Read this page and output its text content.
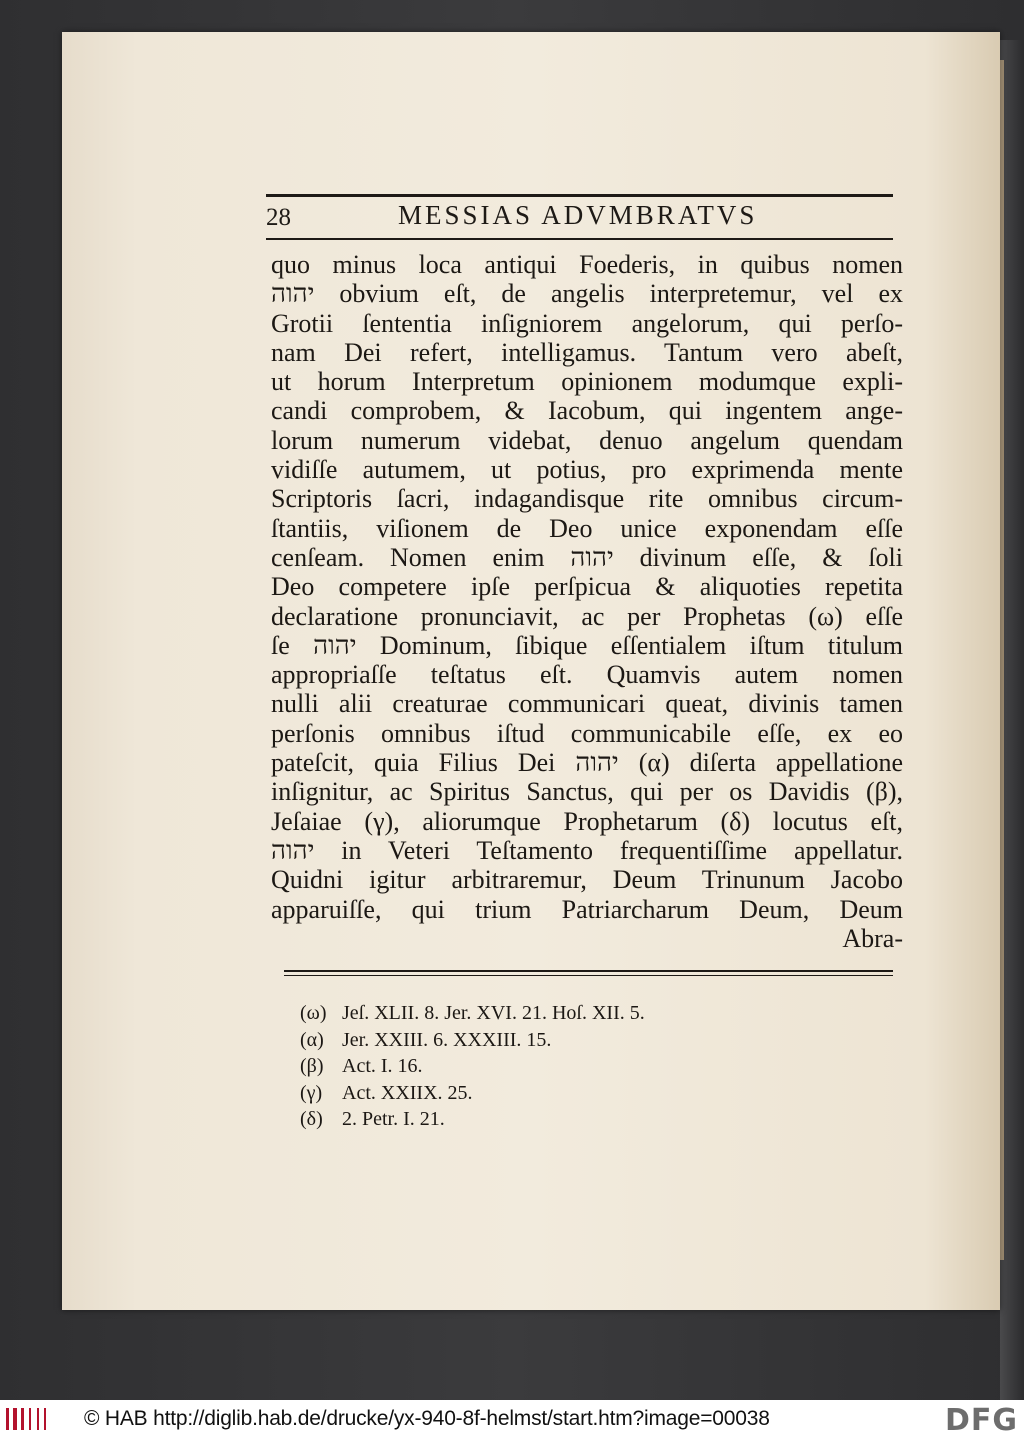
28	MESSIAS ADVMBRATVS
quo minus loca antiqui Foederis, in quibus nomen
יהוה obvium eſt, de angelis interpretemur, vel ex
Grotii ſententia inſigniorem angelorum, qui perſo-
nam Dei refert, intelligamus. Tantum vero abeſt,
ut horum Interpretum opinionem modumque expli-
candi comprobem, & Iacobum, qui ingentem ange-
lorum numerum videbat, denuo angelum quendam
vidiſſe autumem, ut potius, pro exprimenda mente
Scriptoris ſacri, indagandisque rite omnibus circum-
ſtantiis, viſionem de Deo unice exponendam eſſe
cenſeam. Nomen enim יהוה divinum eſſe, & ſoli
Deo competere ipſe perſpicua & aliquoties repetita
declaratione pronunciavit, ac per Prophetas (ω) eſſe
ſe יהוה Dominum, ſibique eſſentialem iſtum titulum
appropriaſſe teſtatus eſt. Quamvis autem nomen
nulli alii creaturae communicari queat, divinis tamen
perſonis omnibus iſtud communicabile eſſe, ex eo
pateſcit, quia Filius Dei יהוה (α) diſerta appellatione
inſignitur, ac Spiritus Sanctus, qui per os Davidis (β),
Jeſaiae (γ), aliorumque Prophetarum (δ) locutus eſt,
יהוה in Veteri Teſtamento frequentiſſime appellatur.
Quidni igitur arbitraremur, Deum Trinunum Jacobo
apparuiſſe, qui trium Patriarcharum Deum, Deum
Abra-
(ω) Jeſ. XLII. 8. Jer. XVI. 21. Hoſ. XII. 5.
(α) Jer. XXIII. 6. XXXIII. 15.
(β) Act. I. 16.
(γ) Act. XXIIX. 25.
(δ) 2. Petr. I. 21.
© HAB http://diglib.hab.de/drucke/yx-940-8f-helmst/start.htm?image=00038	DFG
